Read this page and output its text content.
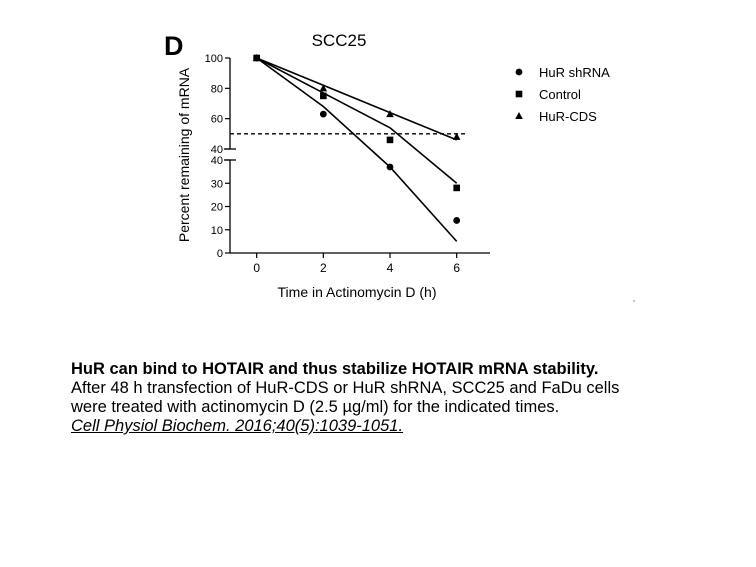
D	SCC25
Percent remaining of mRNA
Time in Actinomycin D (h)
40
60
80
100
0
10
20
30
40
0	2	4	6
HuR shRNA
Control
HuR-CDS
HuR can bind to HOTAIR and thus stabilize HOTAIR mRNA stability.
After 48 h transfection of HuR-CDS or HuR shRNA, SCC25 and FaDu cells
were treated with actinomycin D (2.5 µg/ml) for the indicated times.
Cell Physiol Biochem. 2016;40(5):1039-1051.
